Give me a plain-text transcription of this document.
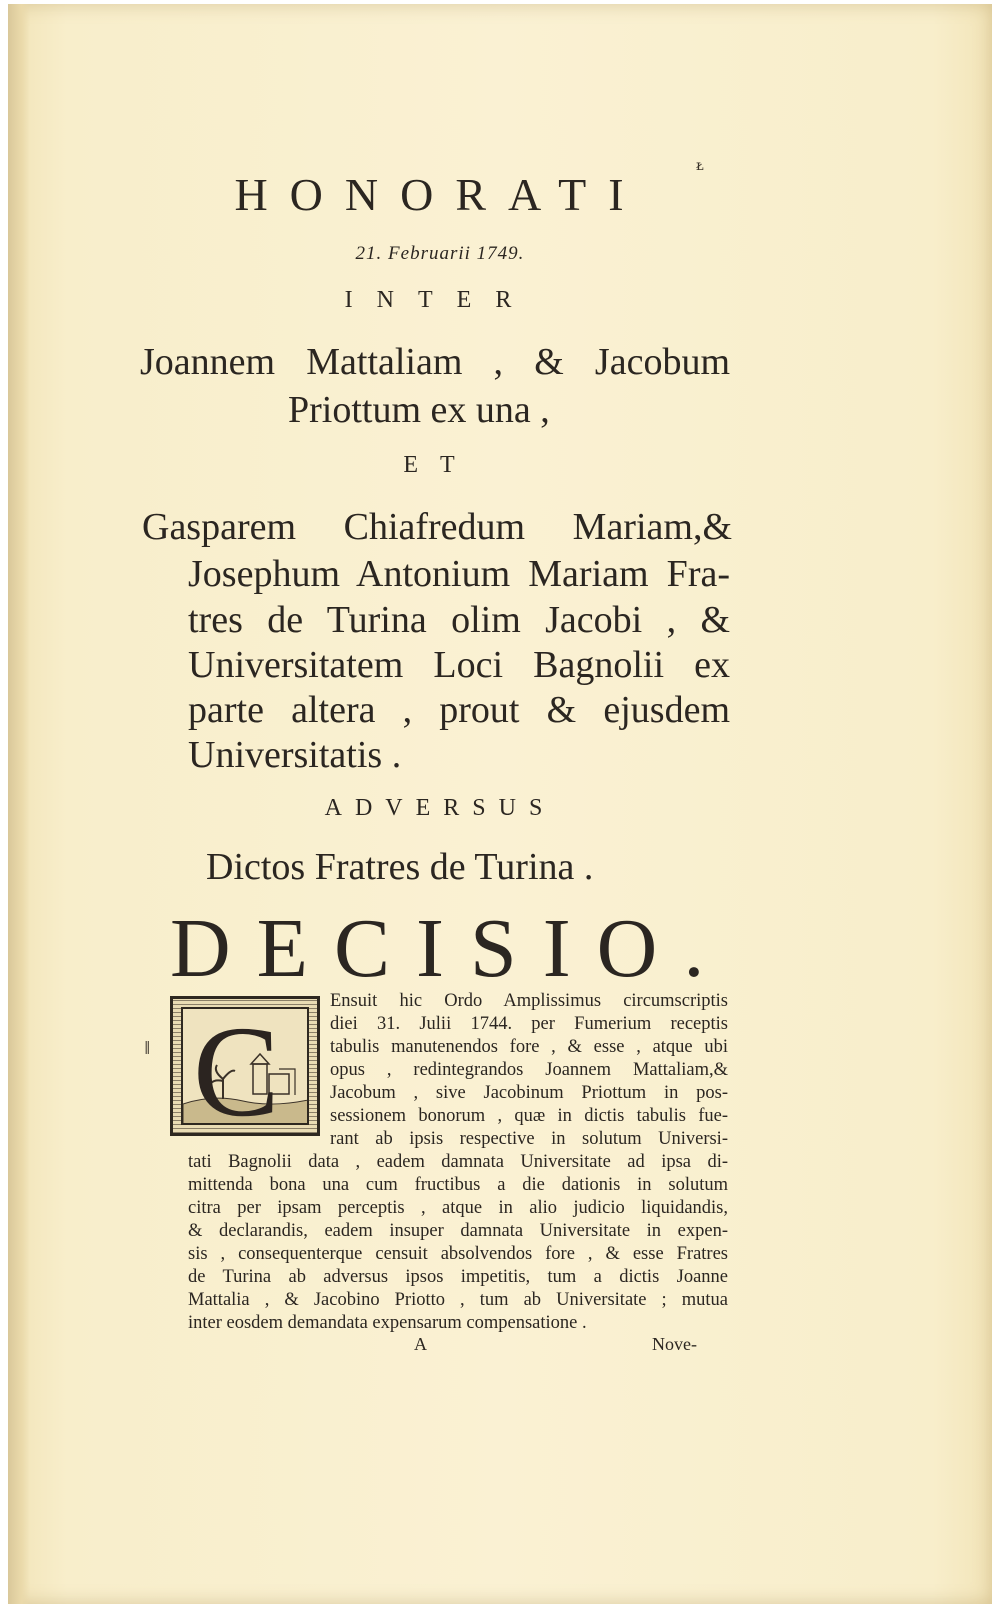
ᴌ
HONORATI
21. Februarii 1749.
INTER
Joannem Mattaliam , & Jacobum
Priottum ex una ,
ET
Gasparem Chiafredum Mariam,&
Josephum Antonium Mariam Fra-
tres de Turina olim Jacobi , &
Universitatem Loci Bagnolii ex
parte altera , prout & ejusdem
Universitatis .
ADVERSUS
Dictos Fratres de Turina .
DECISIO.
C
‖
Ensuit hic Ordo Amplissimus circumscriptis
diei 31. Julii 1744. per Fumerium receptis
tabulis manutenendos fore , & esse , atque ubi
opus , redintegrandos Joannem Mattaliam,&
Jacobum , sive Jacobinum Priottum in pos-
sessionem bonorum , quæ in dictis tabulis fue-
rant ab ipsis respective in solutum Universi-
tati Bagnolii data , eadem damnata Universitate ad ipsa di-
mittenda bona una cum fructibus a die dationis in solutum
citra per ipsam perceptis , atque in alio judicio liquidandis,
& declarandis, eadem insuper damnata Universitate in expen-
sis , consequenterque censuit absolvendos fore , & esse Fratres
de Turina ab adversus ipsos impetitis, tum a dictis Joanne
Mattalia , & Jacobino Priotto , tum ab Universitate ; mutua
inter eosdem demandata expensarum compensatione .
A	Nove-
